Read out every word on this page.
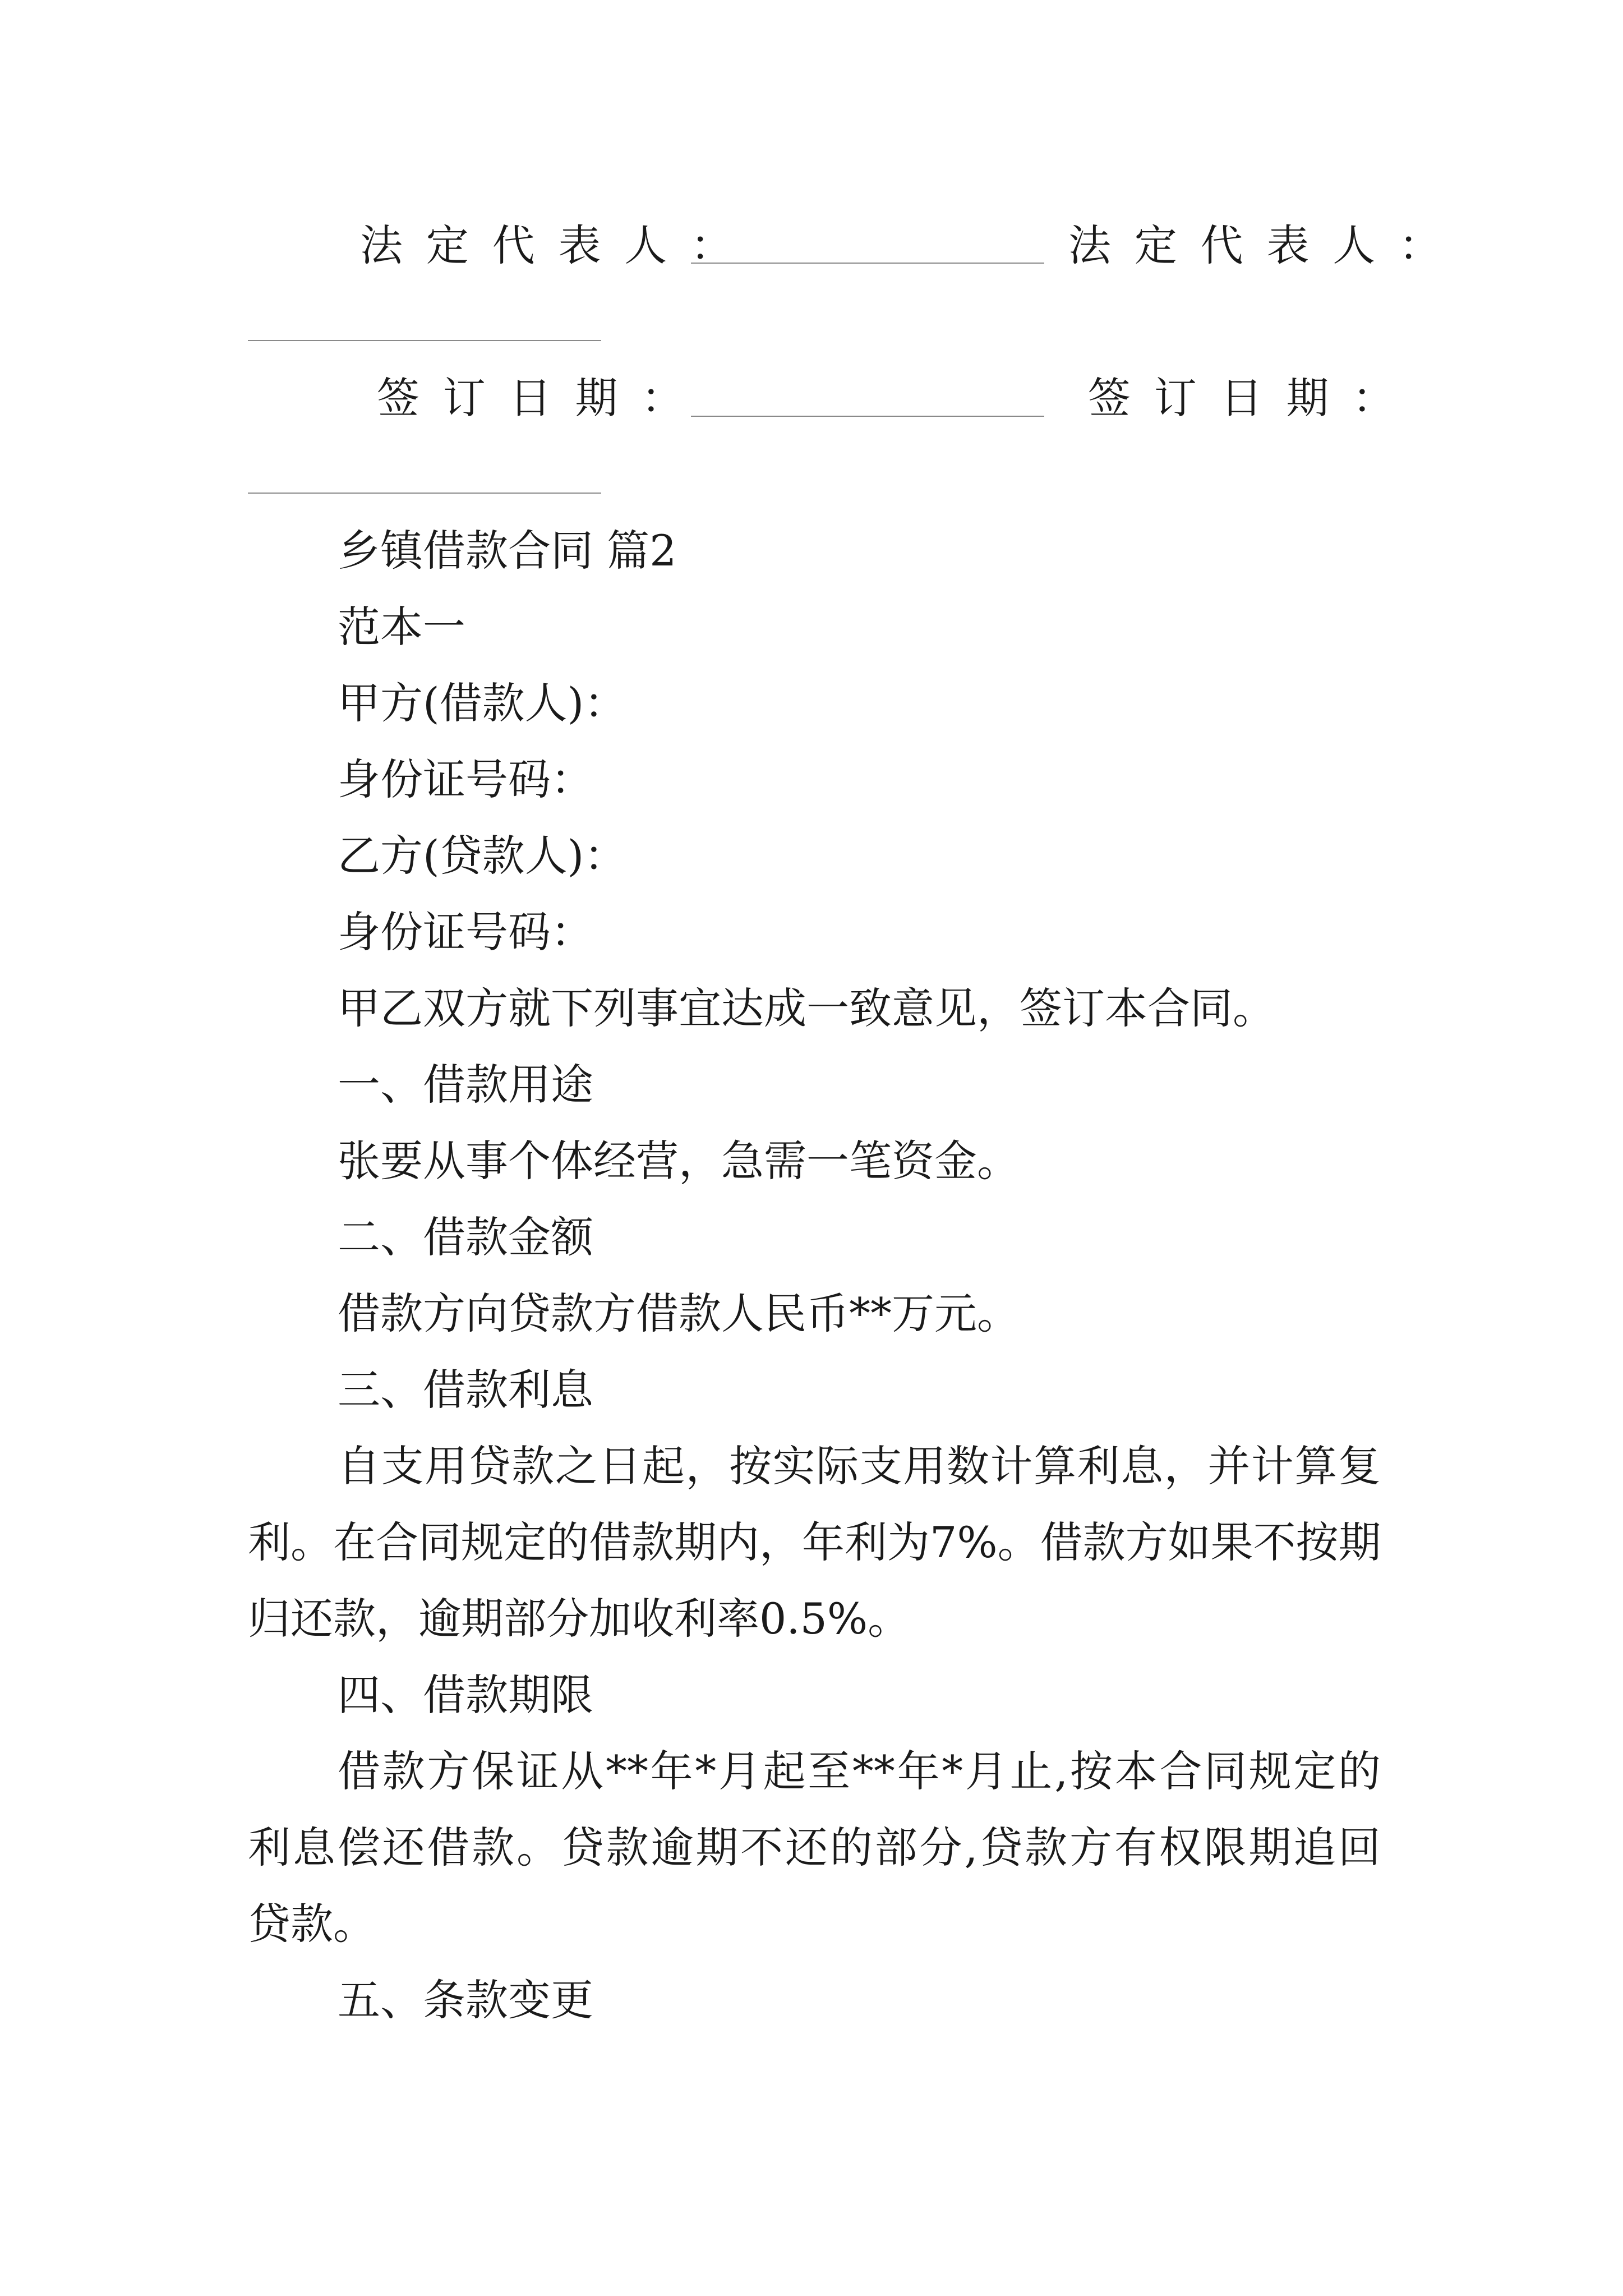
法定代表人：	法定代表人：
签订日期：	签订日期：
乡镇借款合同 篇2
范本一
甲方(借款人)：
身份证号码：
乙方(贷款人)：
身份证号码：
甲乙双方就下列事宜达成一致意见，签订本合同。
一、借款用途
张要从事个体经营，急需一笔资金。
二、借款金额
借款方向贷款方借款人民币**万元。
三、借款利息
自支用贷款之日起，按实际支用数计算利息，并计算复
利。在合同规定的借款期内，年利为7%。借款方如果不按期
归还款，逾期部分加收利率0.5%。
四、借款期限
借款方保证从**年*月起至**年*月止,按本合同规定的
利息偿还借款。贷款逾期不还的部分,贷款方有权限期追回
贷款。
五、条款变更
